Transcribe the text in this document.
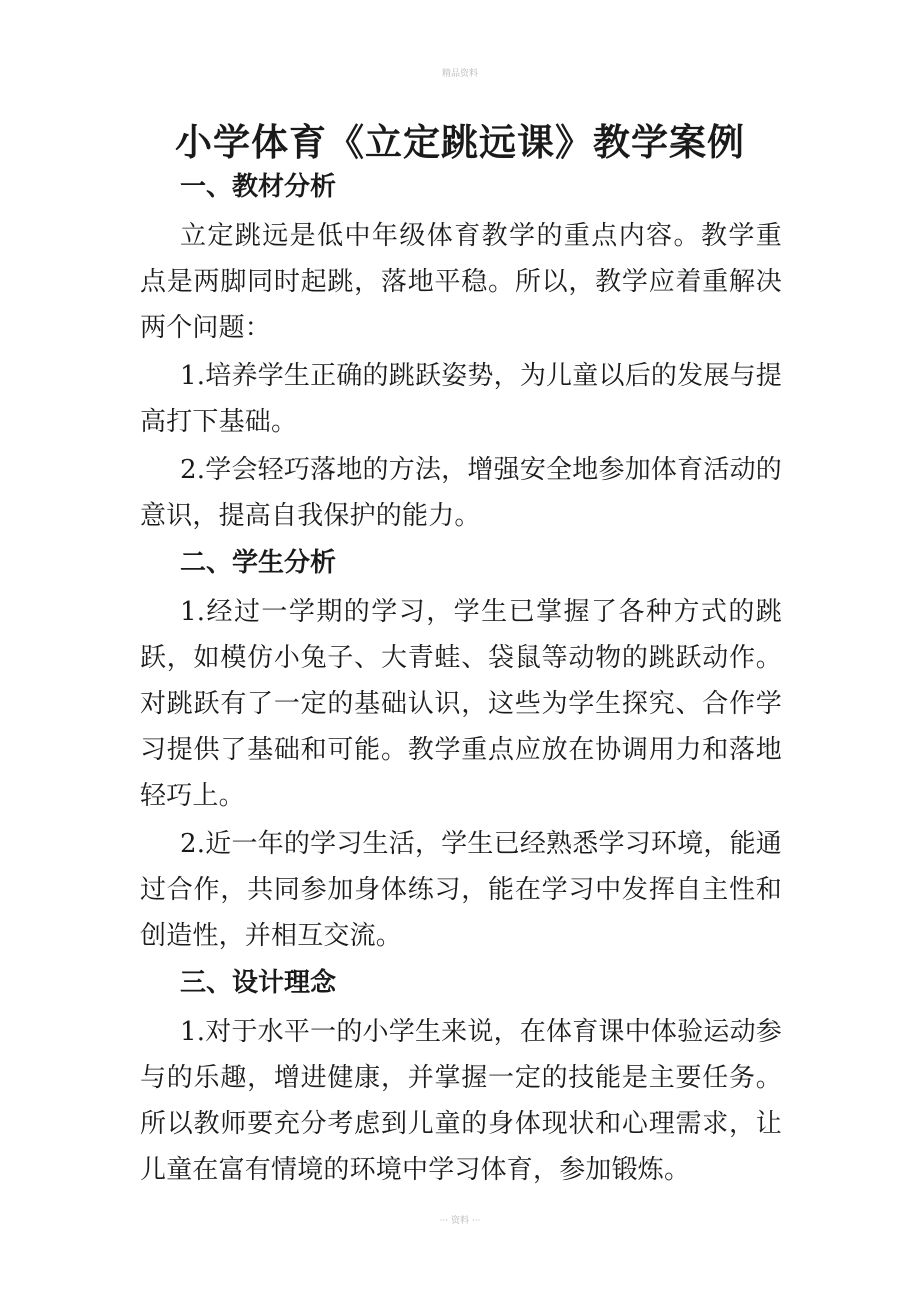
精品资料
小学体育《立定跳远课》教学案例
一、教材分析

立定跳远是低中年级体育教学的重点内容。教学重点是两脚同时起跳，落地平稳。所以，教学应着重解决两个问题：

1.培养学生正确的跳跃姿势，为儿童以后的发展与提高打下基础。

2.学会轻巧落地的方法，增强安全地参加体育活动的意识，提高自我保护的能力。

二、学生分析

1.经过一学期的学习，学生已掌握了各种方式的跳跃，如模仿小兔子、大青蛙、袋鼠等动物的跳跃动作。对跳跃有了一定的基础认识，这些为学生探究、合作学习提供了基础和可能。教学重点应放在协调用力和落地轻巧上。

2.近一年的学习生活，学生已经熟悉学习环境，能通过合作，共同参加身体练习，能在学习中发挥自主性和创造性，并相互交流。

三、设计理念

1.对于水平一的小学生来说，在体育课中体验运动参与的乐趣，增进健康，并掌握一定的技能是主要任务。所以教师要充分考虑到儿童的身体现状和心理需求，让儿童在富有情境的环境中学习体育，参加锻炼。

··· 资料 ···
